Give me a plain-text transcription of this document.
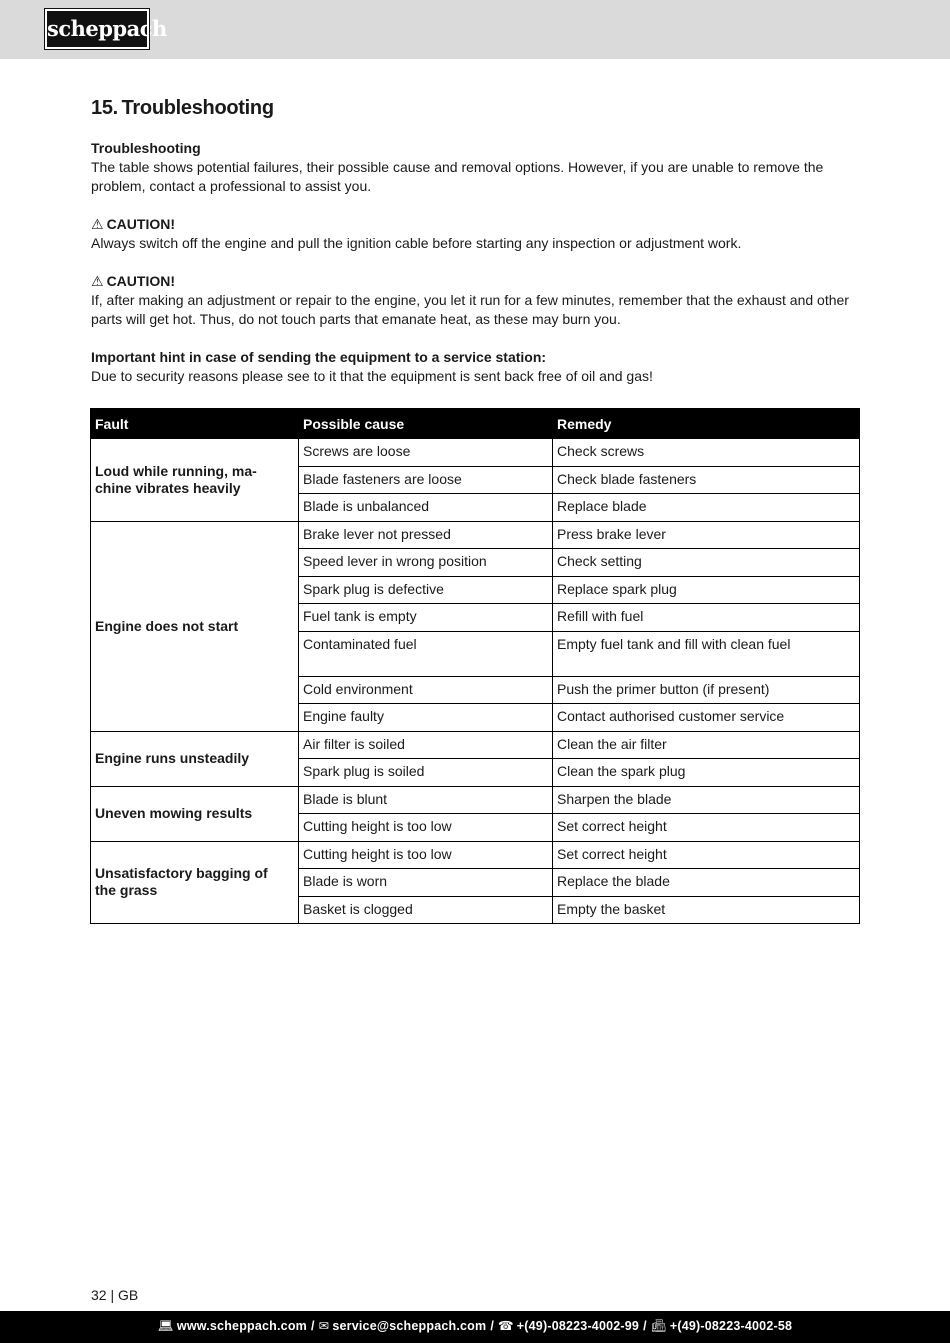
scheppach
15. Troubleshooting
Troubleshooting
The table shows potential failures, their possible cause and removal options. However, if you are unable to remove the problem, contact a professional to assist you.
⚠ CAUTION!
Always switch off the engine and pull the ignition cable before starting any inspection or adjustment work.
⚠ CAUTION!
If, after making an adjustment or repair to the engine, you let it run for a few minutes, remember that the exhaust and other parts will get hot. Thus, do not touch parts that emanate heat, as these may burn you.
Important hint in case of sending the equipment to a service station:
Due to security reasons please see to it that the equipment is sent back free of oil and gas!
Fault	Possible cause	Remedy
Loud while running, ma-
chine vibrates heavily	Screws are loose	Check screws
	Blade fasteners are loose	Check blade fasteners
	Blade is unbalanced	Replace blade
Engine does not start	Brake lever not pressed	Press brake lever
	Speed lever in wrong position	Check setting
	Spark plug is defective	Replace spark plug
	Fuel tank is empty	Refill with fuel
	Contaminated fuel	Empty fuel tank and fill with clean fuel
	Cold environment	Push the primer button (if present)
	Engine faulty	Contact authorised customer service
Engine runs unsteadily	Air filter is soiled	Clean the air filter
	Spark plug is soiled	Clean the spark plug
Uneven mowing results	Blade is blunt	Sharpen the blade
	Cutting height is too low	Set correct height
Unsatisfactory bagging of
the grass	Cutting height is too low	Set correct height
	Blade is worn	Replace the blade
	Basket is clogged	Empty the basket
32 | GB
💻︎ www.scheppach.com / ✉︎ service@scheppach.com / ☎ +(49)-08223-4002-99 / 📠︎ +(49)-08223-4002-58
